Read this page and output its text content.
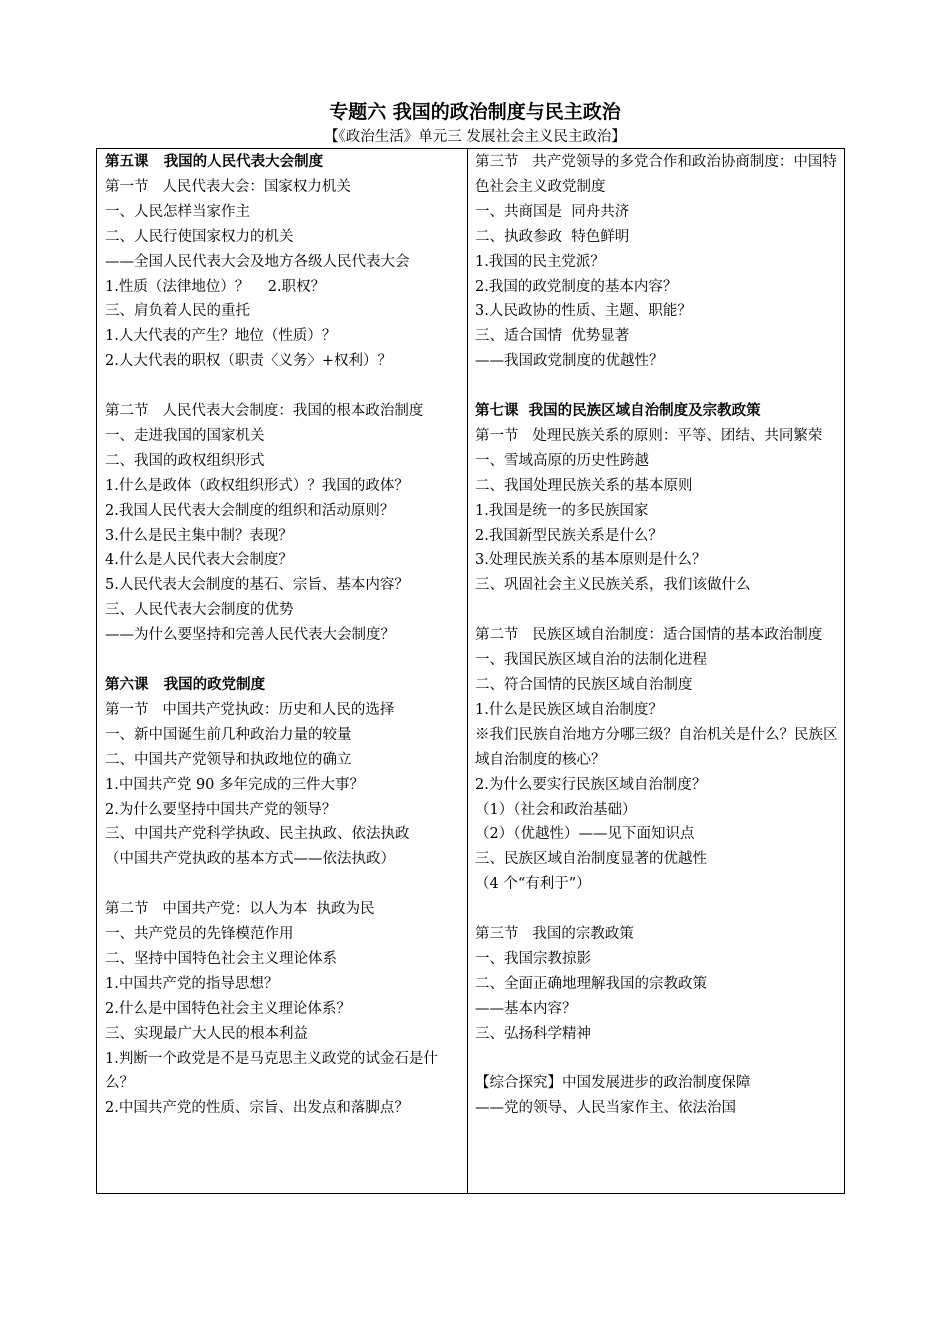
专题六 我国的政治制度与民主政治
【《政治生活》单元三 发展社会主义民主政治】
第五课   我国的人民代表大会制度
第一节   人民代表大会：国家权力机关
一、人民怎样当家作主
二、人民行使国家权力的机关
——全国人民代表大会及地方各级人民代表大会
1.性质（法律地位）？    2.职权？
三、肩负着人民的重托
1.人大代表的产生？地位（性质）？
2.人大代表的职权（职责〈义务〉+权利）？
第二节   人民代表大会制度：我国的根本政治制度
一、走进我国的国家机关
二、我国的政权组织形式
1.什么是政体（政权组织形式）？我国的政体？
2.我国人民代表大会制度的组织和活动原则？
3.什么是民主集中制？表现？
4.什么是人民代表大会制度？
5.人民代表大会制度的基石、宗旨、基本内容？
三、人民代表大会制度的优势
——为什么要坚持和完善人民代表大会制度？
第六课   我国的政党制度
第一节   中国共产党执政：历史和人民的选择
一、新中国诞生前几种政治力量的较量
二、中国共产党领导和执政地位的确立
1.中国共产党 90 多年完成的三件大事？
2.为什么要坚持中国共产党的领导？
三、中国共产党科学执政、民主执政、依法执政
（中国共产党执政的基本方式——依法执政）
第二节   中国共产党：以人为本  执政为民
一、共产党员的先锋模范作用
二、坚持中国特色社会主义理论体系
1.中国共产党的指导思想？
2.什么是中国特色社会主义理论体系？
三、实现最广大人民的根本利益
1.判断一个政党是不是马克思主义政党的试金石是什么？
2.中国共产党的性质、宗旨、出发点和落脚点？
第三节   共产党领导的多党合作和政治协商制度：中国特色社会主义政党制度
一、共商国是  同舟共济
二、执政参政  特色鲜明
1.我国的民主党派？
2.我国的政党制度的基本内容？
3.人民政协的性质、主题、职能？
三、适合国情  优势显著
——我国政党制度的优越性？
第七课  我国的民族区域自治制度及宗教政策
第一节   处理民族关系的原则：平等、团结、共同繁荣
一、雪域高原的历史性跨越
二、我国处理民族关系的基本原则
1.我国是统一的多民族国家
2.我国新型民族关系是什么？
3.处理民族关系的基本原则是什么？
三、巩固社会主义民族关系，我们该做什么
第二节   民族区域自治制度：适合国情的基本政治制度
一、我国民族区域自治的法制化进程
二、符合国情的民族区域自治制度
1.什么是民族区域自治制度？
※我们民族自治地方分哪三级？自治机关是什么？民族区域自治制度的核心？
2.为什么要实行民族区域自治制度？
（1）（社会和政治基础）
（2）（优越性）——见下面知识点
三、民族区域自治制度显著的优越性
（4 个“有利于”）
第三节   我国的宗教政策
一、我国宗教掠影
二、全面正确地理解我国的宗教政策
——基本内容？
三、弘扬科学精神
【综合探究】中国发展进步的政治制度保障
——党的领导、人民当家作主、依法治国
